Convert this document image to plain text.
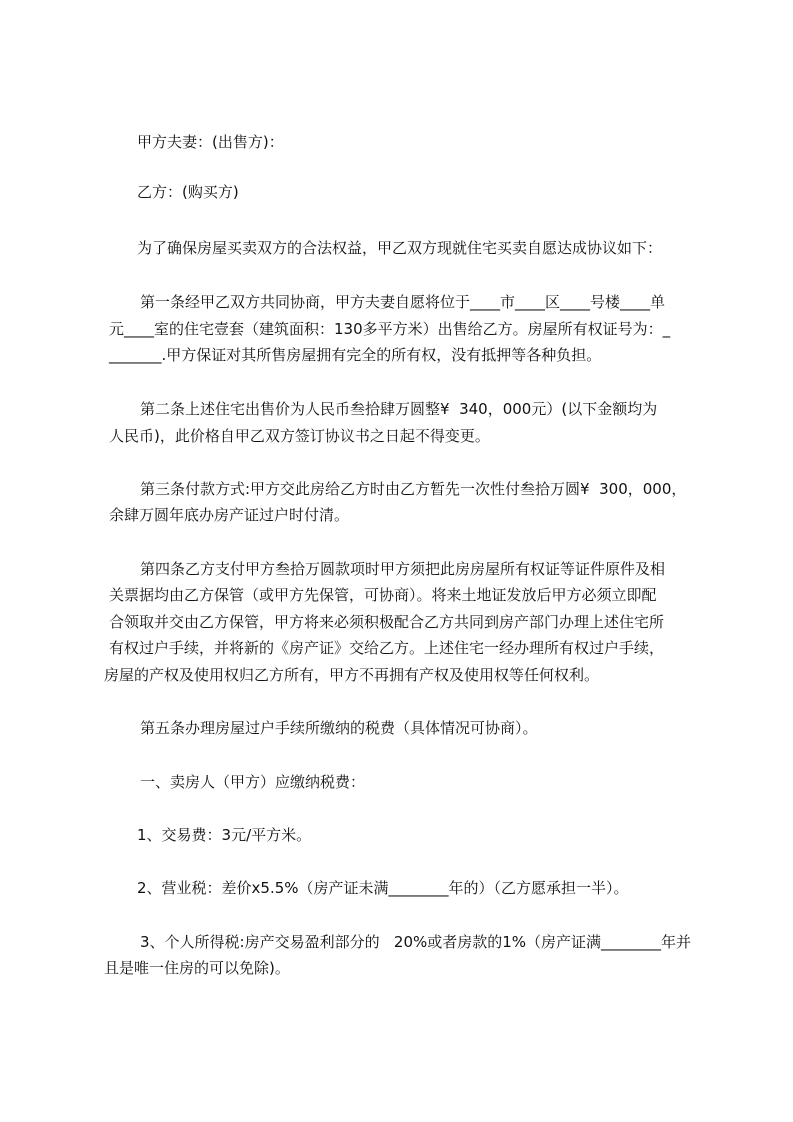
甲方夫妻：(出售方)：
乙方：(购买方)
为了确保房屋买卖双方的合法权益，甲乙双方现就住宅买卖自愿达成协议如下：
第一条经甲乙双方共同协商，甲方夫妻自愿将位于____市____区____号楼____单
元____室的住宅壹套（建筑面积：130多平方米）出售给乙方。房屋所有权证号为：_
_______.甲方保证对其所售房屋拥有完全的所有权，没有抵押等各种负担。
第二条上述住宅出售价为人民币叁拾肆万圆整¥  340，000元）(以下金额均为
人民币)，此价格自甲乙双方签订协议书之日起不得变更。
第三条付款方式:甲方交此房给乙方时由乙方暂先一次性付叁拾万圆¥  300，000，
余肆万圆年底办房产证过户时付清。
第四条乙方支付甲方叁拾万圆款项时甲方须把此房房屋所有权证等证件原件及相
关票据均由乙方保管（或甲方先保管，可协商）。将来土地证发放后甲方必须立即配
合领取并交由乙方保管，甲方将来必须积极配合乙方共同到房产部门办理上述住宅所
有权过户手续，并将新的《房产证》交给乙方。上述住宅一经办理所有权过户手续，
房屋的产权及使用权归乙方所有，甲方不再拥有产权及使用权等任何权利。
第五条办理房屋过户手续所缴纳的税费（具体情况可协商）。
一、卖房人（甲方）应缴纳税费：
1、交易费：3元/平方米。
2、营业税：差价x5.5%（房产证未满________年的）（乙方愿承担一半）。
3、个人所得税:房产交易盈利部分的   20%或者房款的1%（房产证满________年并
且是唯一住房的可以免除)。
